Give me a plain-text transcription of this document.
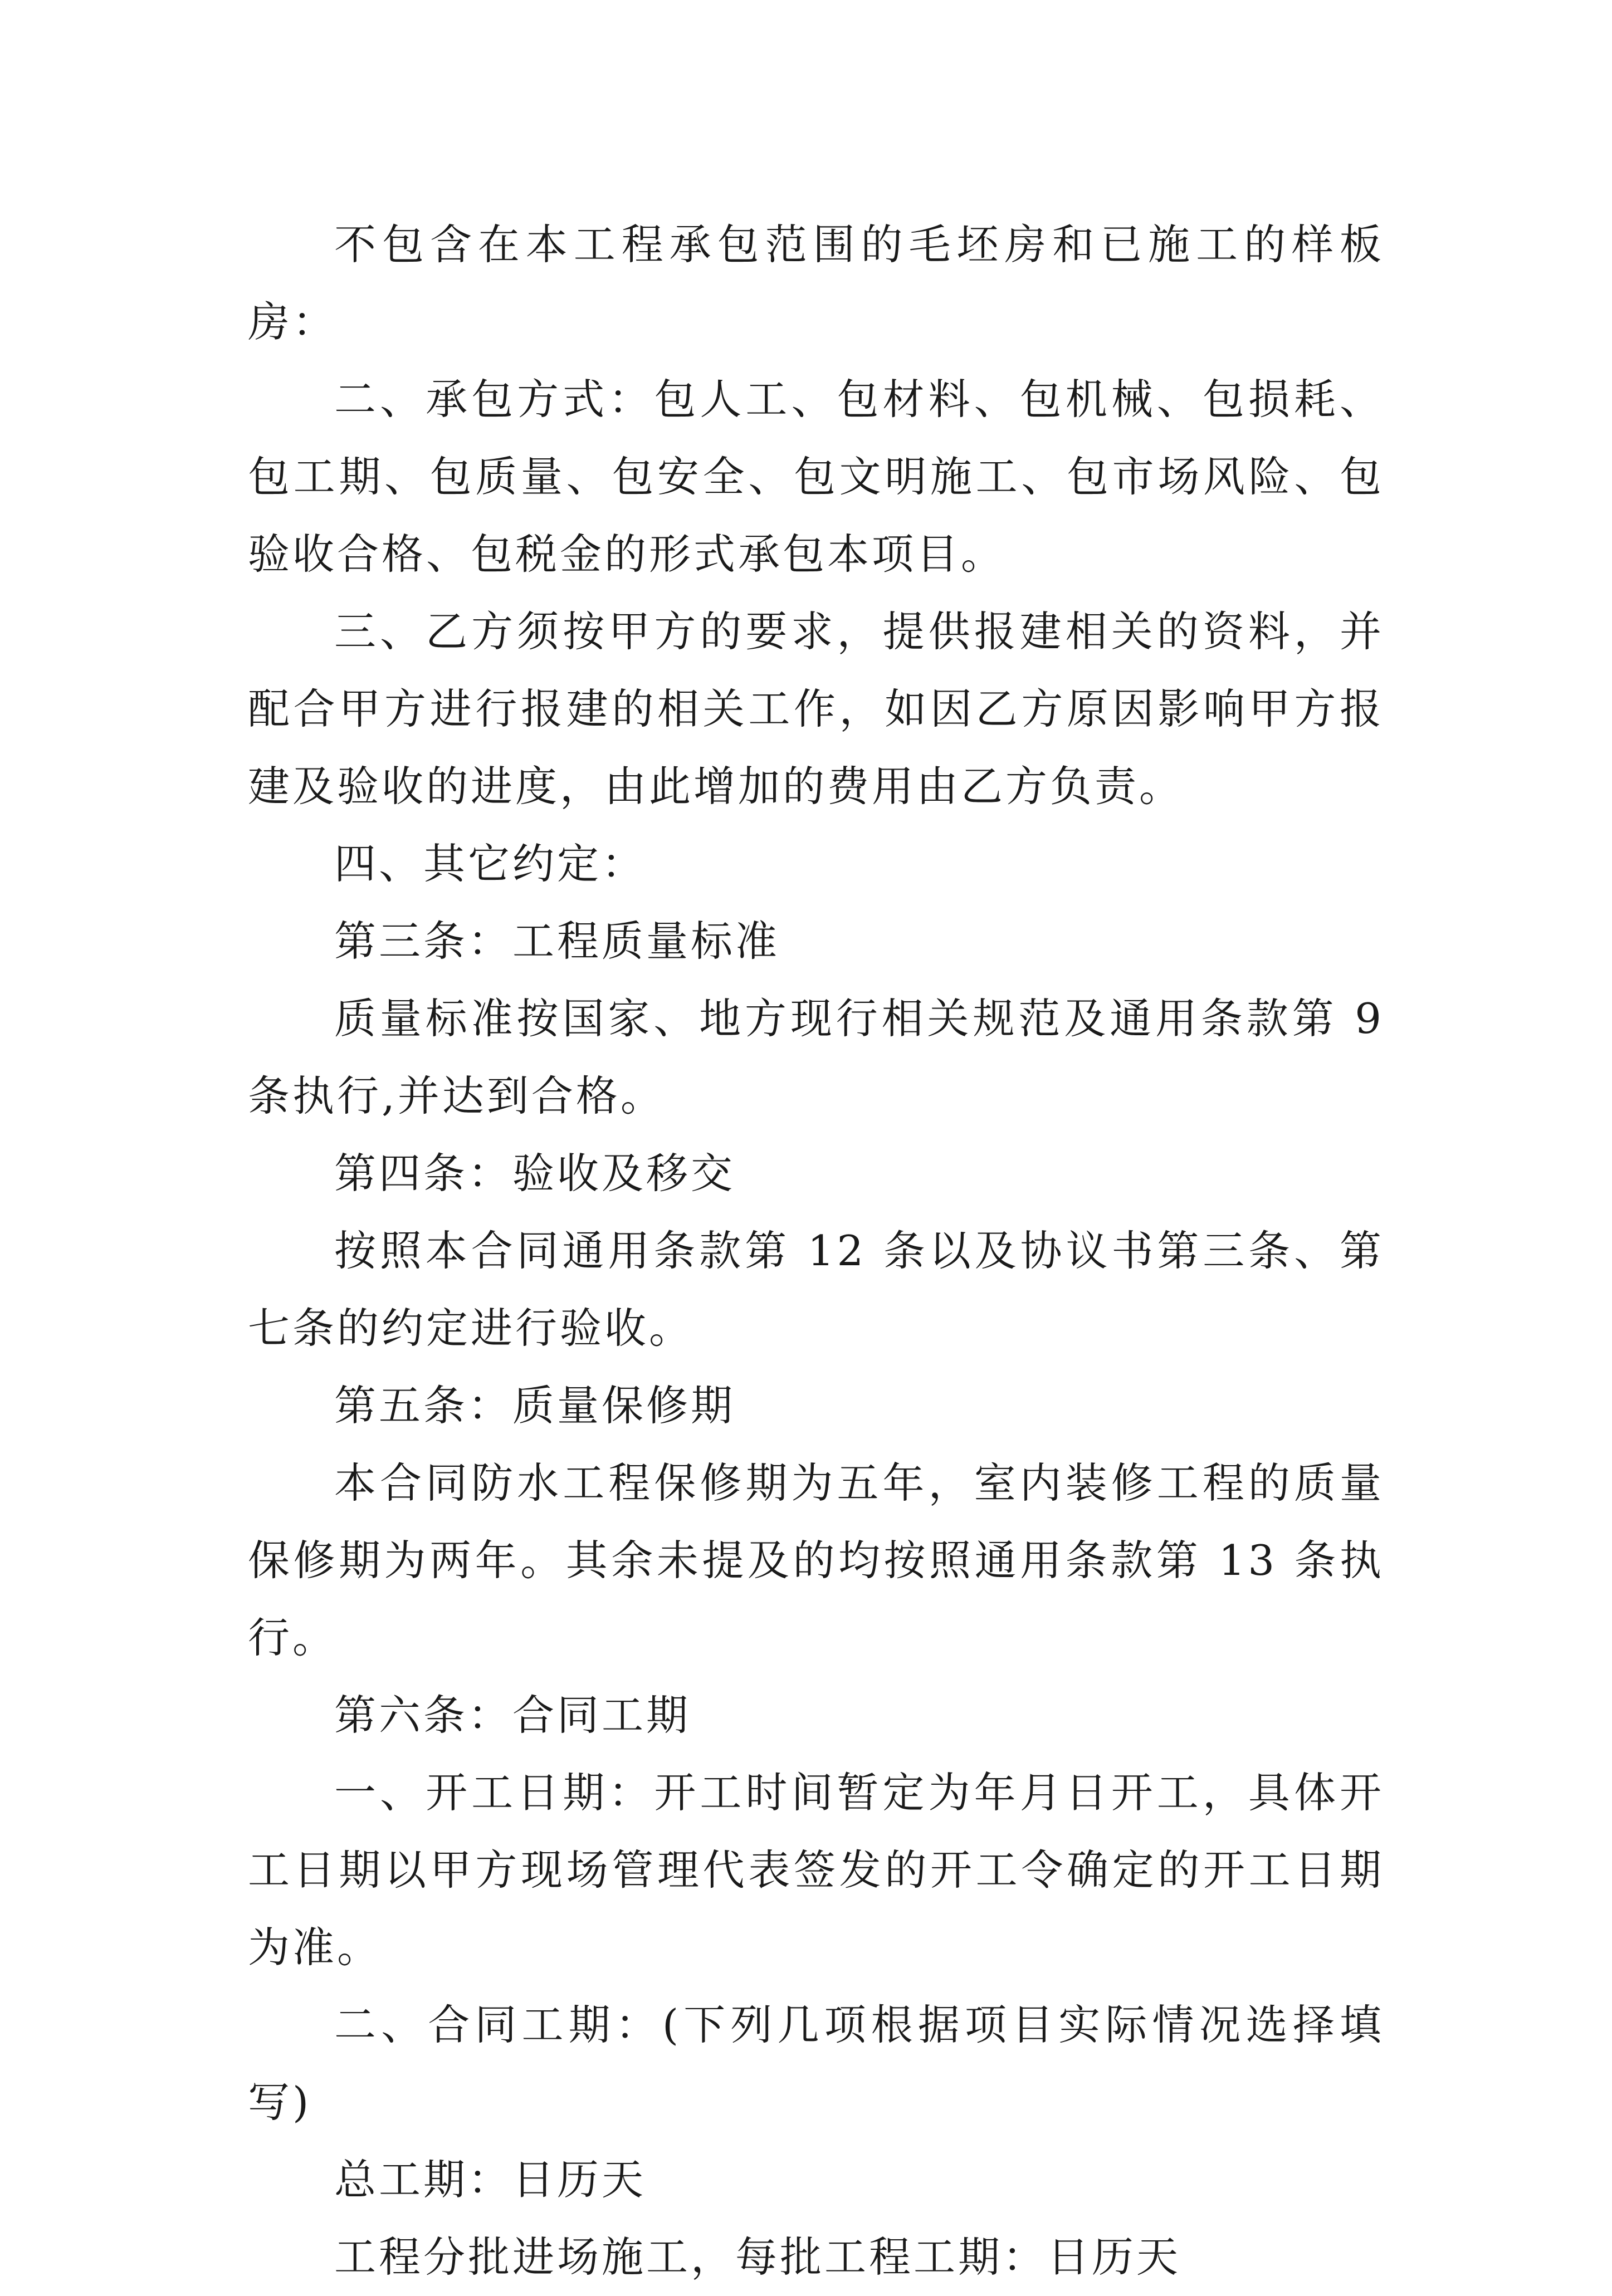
不包含在本工程承包范围的毛坯房和已施工的样板房：

二、承包方式：包人工、包材料、包机械、包损耗、包工期、包质量、包安全、包文明施工、包市场风险、包验收合格、包税金的形式承包本项目。

三、乙方须按甲方的要求，提供报建相关的资料，并配合甲方进行报建的相关工作，如因乙方原因影响甲方报建及验收的进度，由此增加的费用由乙方负责。

四、其它约定：

第三条：工程质量标准

质量标准按国家、地方现行相关规范及通用条款第 9 条执行,并达到合格。

第四条：验收及移交

按照本合同通用条款第 12 条以及协议书第三条、第七条的约定进行验收。

第五条：质量保修期

本合同防水工程保修期为五年，室内装修工程的质量保修期为两年。其余未提及的均按照通用条款第 13 条执行。

第六条：合同工期

一、开工日期：开工时间暂定为年月日开工，具体开工日期以甲方现场管理代表签发的开工令确定的开工日期为准。

二、合同工期：(下列几项根据项目实际情况选择填写)

总工期：日历天

工程分批进场施工，每批工程工期：日历天
